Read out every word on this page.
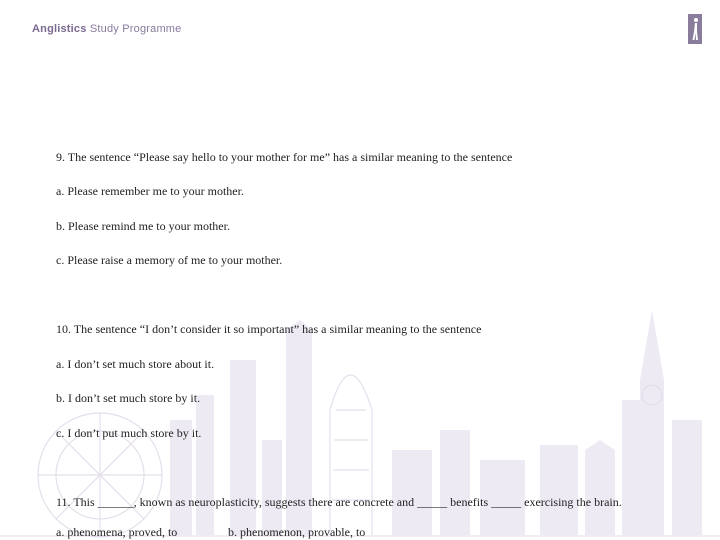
Anglistics Study Programme
9. The sentence “Please say hello to your mother for me” has a similar meaning to the sentence
a. Please remember me to your mother.
b. Please remind me to your mother.
c. Please raise a memory of me to your mother.
10. The sentence “I don’t consider it so important” has a similar meaning to the sentence
a. I don’t set much store about it.
b. I don’t set much store by it.
c. I don’t put much store by it.
11. This ______, known as neuroplasticity, suggests there are concrete and _____ benefits _____ exercising the brain.
a. phenomena, proved, to	b. phenomenon, provable, to
